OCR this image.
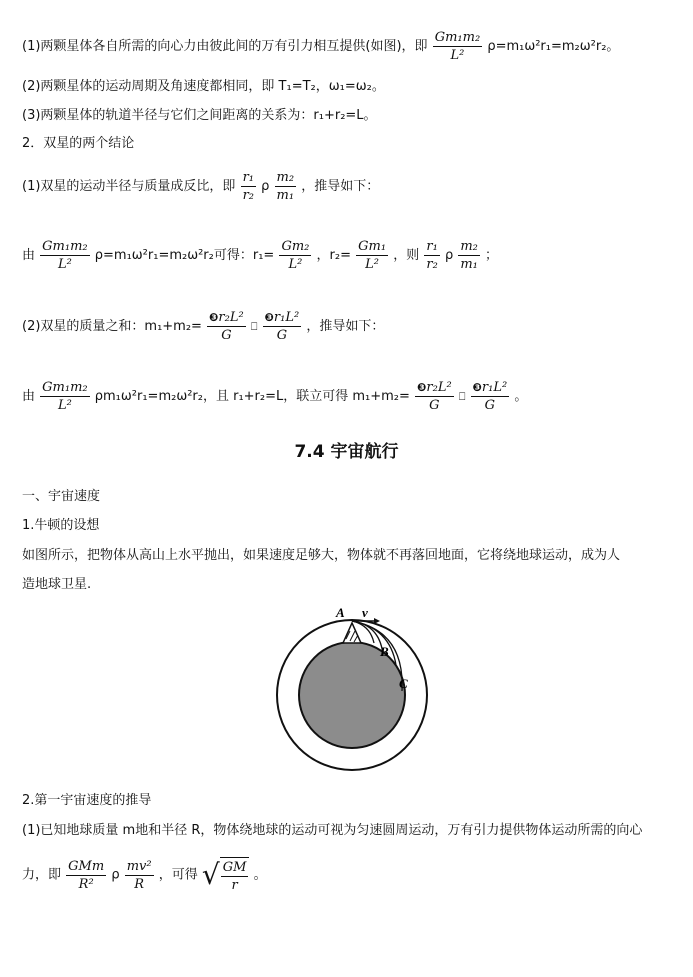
(1)两颗星体各自所需的向心力由彼此间的万有引力相互提供(如图)，即 $\frac{\text{Gm₁m₂}}{\text{L²}} \rho=m_1\omega^2r_1=m_2\omega^2r_2$。
(2)两颗星体的运动周期及角速度都相同，即 T₁=T₂，ω₁=ω₂。
(3)两颗星体的轨道半径与它们之间距离的关系为：r₁+r₂=L。
2．双星的两个结论
(1)双星的运动半径与质量成反比，即 $\frac{\text{r₁}}{\text{r₂}}$ ρ $\frac{\text{m₂}}{\text{m₁}}$ ，推导如下：
由 $\frac{\text{Gm₁m₂}}{\text{L²}} \rho=m_1\omega^2r_1=m_2\omega^2r_2$可得：$r_1= \frac{\text{Gm₂}}{\text{L²}}$ ，$r_2= \frac{\text{Gm₁}}{\text{L²}}$ ，则 $\frac{\text{r₁}}{\text{r₂}}$ ρ $\frac{\text{m₂}}{\text{m₁}}$ ；
(2)双星的质量之和：$m_1+m_2= \frac{\text{❸r₂L²}}{G}$ ⎕ $\frac{\text{❸r₁L²}}{G}$ ，推导如下：
由 $\frac{\text{Gm₁m₂}}{\text{L²}} \rho m_1\omega^2r_1=m_2\omega^2r_2$，且 r₁+r₂=L，联立可得 $m_1+m_2= \frac{\text{❸r₂L²}}{G}$ ⎕ $\frac{\text{❸r₁L²}}{G}$ 。
7.4 宇宙航行
一、宇宙速度
1.牛顿的设想
如图所示，把物体从高山上水平抛出，如果速度足够大，物体就不再落回地面，它将绕地球运动，成为人
造地球卫星.
A v
B
C
2.第一宇宙速度的推导
(1)已知地球质量 m地和半径 R，物体绕地球的运动可视为匀速圆周运动，万有引力提供物体运动所需的向心
力，即 $\frac{\text{GMm}}{\text{R²}}$ ρ $\frac{\text{mv²}}{R}$ ，可得 √ $\frac{GM}{r}$ 。
